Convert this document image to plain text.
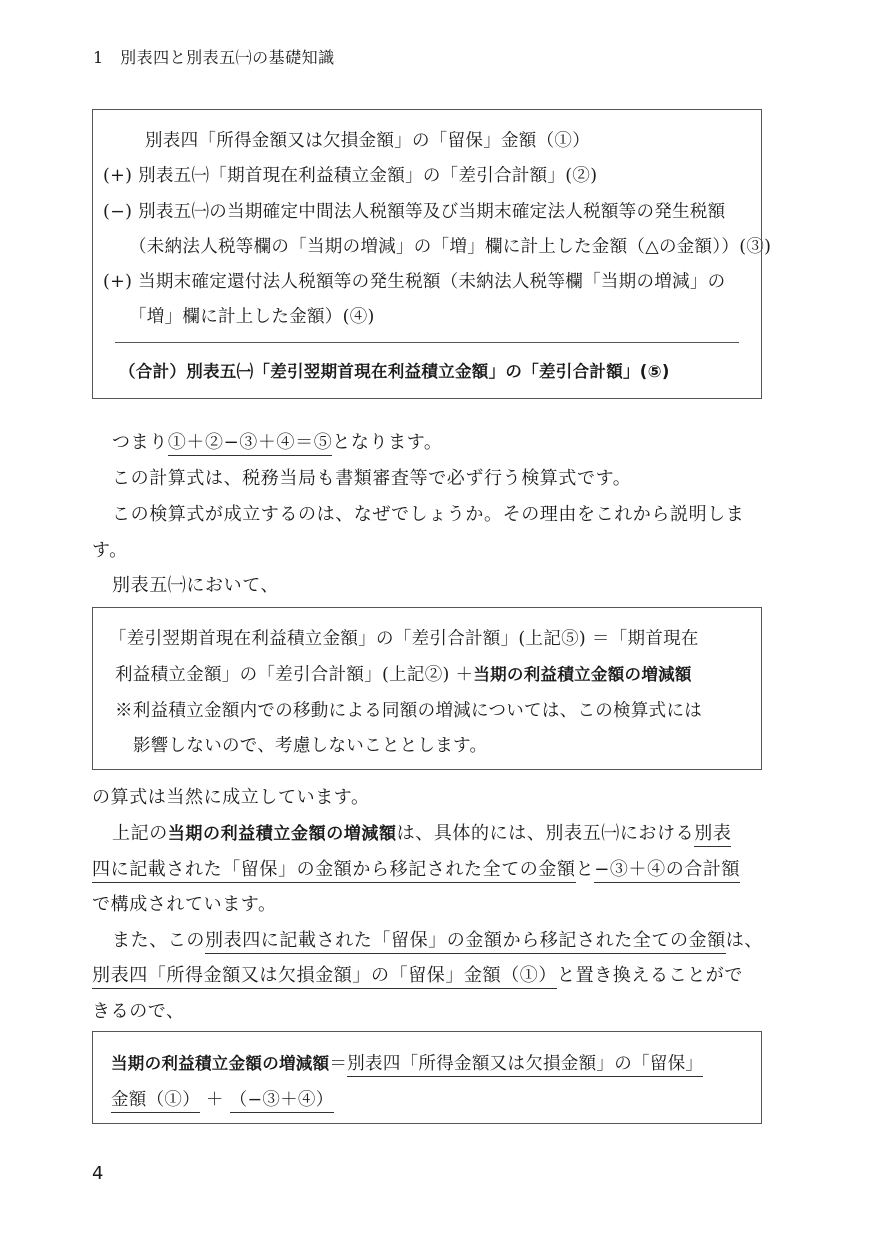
1　別表四と別表五㈠の基礎知識
別表四「所得金額又は欠損金額」の「留保」金額（①）
(+) 別表五㈠「期首現在利益積立金額」の「差引合計額」(②)
(−) 別表五㈠の当期確定中間法人税額等及び当期末確定法人税額等の発生税額
（未納法人税等欄の「当期の増減」の「増」欄に計上した金額（△の金額））(③)
(+) 当期末確定還付法人税額等の発生税額（未納法人税等欄「当期の増減」の
「増」欄に計上した金額）(④)
（合計）別表五㈠「差引翌期首現在利益積立金額」の「差引合計額」(⑤)
つまり①＋②−③＋④＝⑤となります。
この計算式は、税務当局も書類審査等で必ず行う検算式です。
この検算式が成立するのは、なぜでしょうか。その理由をこれから説明しま
す。
別表五㈠において、
「差引翌期首現在利益積立金額」の「差引合計額」(上記⑤) ＝「期首現在
利益積立金額」の「差引合計額」(上記②) ＋当期の利益積立金額の増減額
※利益積立金額内での移動による同額の増減については、この検算式には
影響しないので、考慮しないこととします。
の算式は当然に成立しています。
上記の当期の利益積立金額の増減額は、具体的には、別表五㈠における別表
四に記載された「留保」の金額から移記された全ての金額と−③＋④の合計額
で構成されています。
また、この別表四に記載された「留保」の金額から移記された全ての金額は、
別表四「所得金額又は欠損金額」の「留保」金額（①）と置き換えることがで
きるので、
当期の利益積立金額の増減額＝別表四「所得金額又は欠損金額」の「留保」
金額（①） ＋ （−③＋④）
4
